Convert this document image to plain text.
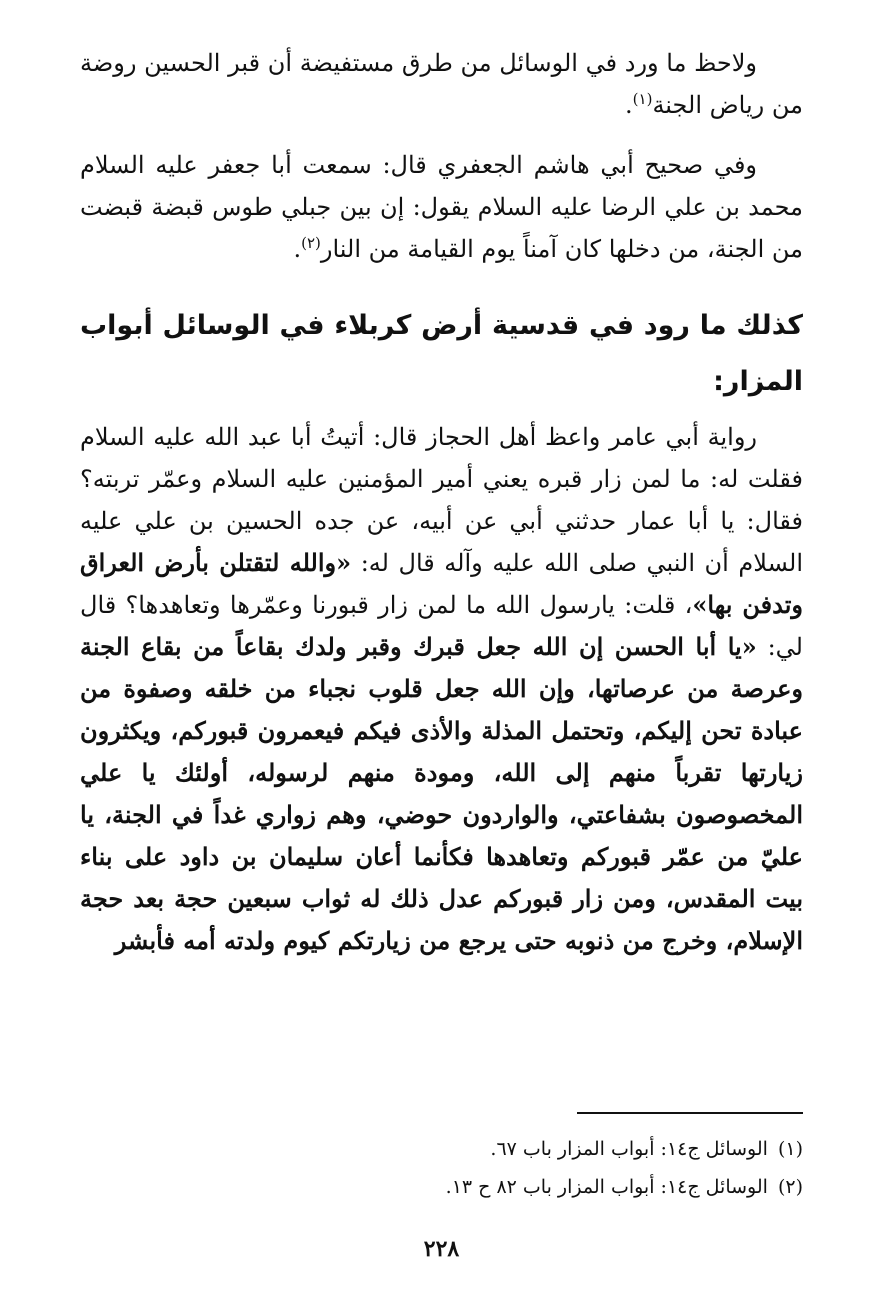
ولاحظ ما ورد في الوسائل من طرق مستفيضة أن قبر الحسين روضة من رياض الجنة$^{(١)}$.

وفي صحيح أبي هاشم الجعفري قال: سمعت أبا جعفر عليه السلام محمد بن علي الرضا عليه السلام يقول: إن بين جبلي طوس قبضة قبضت من الجنة، من دخلها كان آمناً يوم القيامة من النار$^{(٢)}$.

كذلك ما رود في قدسية أرض كربلاء في الوسائل أبواب المزار:

رواية أبي عامر واعظ أهل الحجاز قال: أتيتُ أبا عبد الله عليه السلام فقلت له: ما لمن زار قبره يعني أمير المؤمنين عليه السلام وعمّر تربته؟ فقال: يا أبا عمار حدثني أبي عن أبيه، عن جده الحسين بن علي عليه السلام أن النبي صلى الله عليه وآله قال له: «والله لتقتلن بأرض العراق وتدفن بها»، قلت: يارسول الله ما لمن زار قبورنا وعمّرها وتعاهدها؟ قال لي: «يا أبا الحسن إن الله جعل قبرك وقبر ولدك بقاعاً من بقاع الجنة وعرصة من عرصاتها، وإن الله جعل قلوب نجباء من خلقه وصفوة من عبادة تحن إليكم، وتحتمل المذلة والأذى فيكم فيعمرون قبوركم، ويكثرون زيارتها تقرباً منهم إلى الله، ومودة منهم لرسوله، أولئك يا علي المخصوصون بشفاعتي، والواردون حوضي، وهم زواري غداً في الجنة، يا عليّ من عمّر قبوركم وتعاهدها فكأنما أعان سليمان بن داود على بناء بيت المقدس، ومن زار قبوركم عدل ذلك له ثواب سبعين حجة بعد حجة الإسلام، وخرج من ذنوبه حتى يرجع من زيارتكم كيوم ولدته أمه فأبشر

(١)الوسائل ج١٤: أبواب المزار باب ٦٧.

(٢)الوسائل ج١٤: أبواب المزار باب ٨٢ ح ١٣.

٢٢٨
